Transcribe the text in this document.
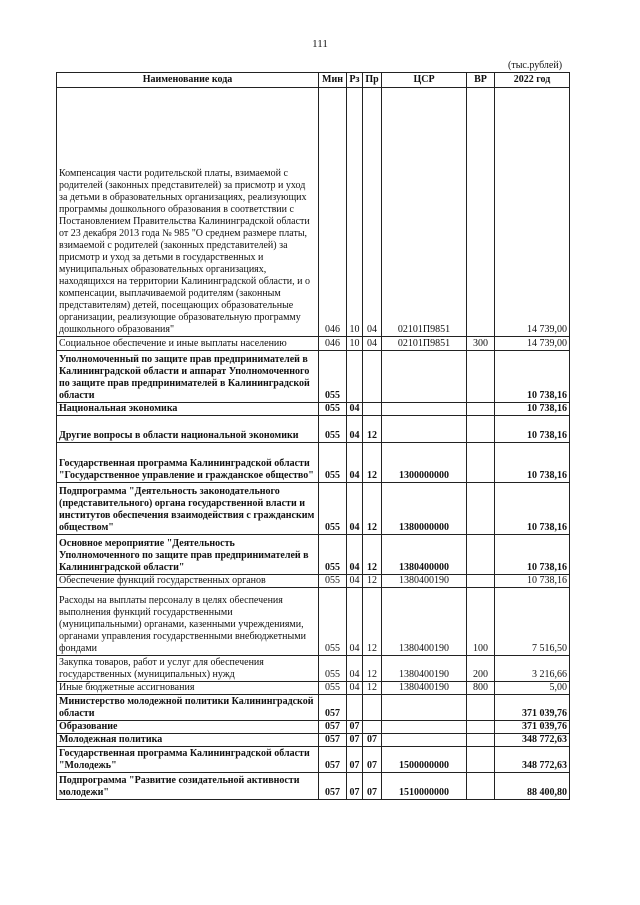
111
(тыс.рублей)
Наименование кода	Мин	Рз	Пр	ЦСР	ВР	2022 год
Компенсация части родительской платы, взимаемой с родителей (законных представителей) за присмотр и уход за детьми в образовательных организациях, реализующих программы дошкольного образования в соответствии с Постановлением Правительства Калининградской области от 23 декабря 2013 года № 985 "О среднем размере платы, взимаемой с родителей (законных представителей) за присмотр и уход за детьми в государственных и муниципальных образовательных организациях, находящихся на территории Калининградской области, и о компенсации, выплачиваемой родителям (законным представителям) детей, посещающих образовательные организации, реализующие образовательную программу дошкольного образования"	046	10	04	02101П9851		14 739,00
Социальное обеспечение и иные выплаты населению	046	10	04	02101П9851	300	14 739,00
Уполномоченный по защите прав предпринимателей в Калининградской области и аппарат Уполномоченного по защите прав предпринимателей в Калининградской области	055					10 738,16
Национальная экономика	055	04				10 738,16
Другие вопросы в области национальной экономики	055	04	12			10 738,16
Государственная программа Калининградской области "Государственное управление и гражданское общество"	055	04	12	1300000000		10 738,16
Подпрограмма "Деятельность законодательного (представительного) органа государственной власти и институтов обеспечения взаимодействия с гражданским обществом"	055	04	12	1380000000		10 738,16
Основное мероприятие "Деятельность Уполномоченного по защите прав предпринимателей в Калининградской области"	055	04	12	1380400000		10 738,16
Обеспечение функций государственных органов	055	04	12	1380400190		10 738,16
Расходы на выплаты персоналу в целях обеспечения выполнения функций государственными (муниципальными) органами, казенными учреждениями, органами управления государственными внебюджетными фондами	055	04	12	1380400190	100	7 516,50
Закупка товаров, работ и услуг для обеспечения государственных (муниципальных) нужд	055	04	12	1380400190	200	3 216,66
Иные бюджетные ассигнования	055	04	12	1380400190	800	5,00
Министерство молодежной политики Калининградской области	057					371 039,76
Образование	057	07				371 039,76
Молодежная политика	057	07	07			348 772,63
Государственная программа Калининградской области "Молодежь"	057	07	07	1500000000		348 772,63
Подпрограмма "Развитие созидательной активности молодежи"	057	07	07	1510000000		88 400,80
